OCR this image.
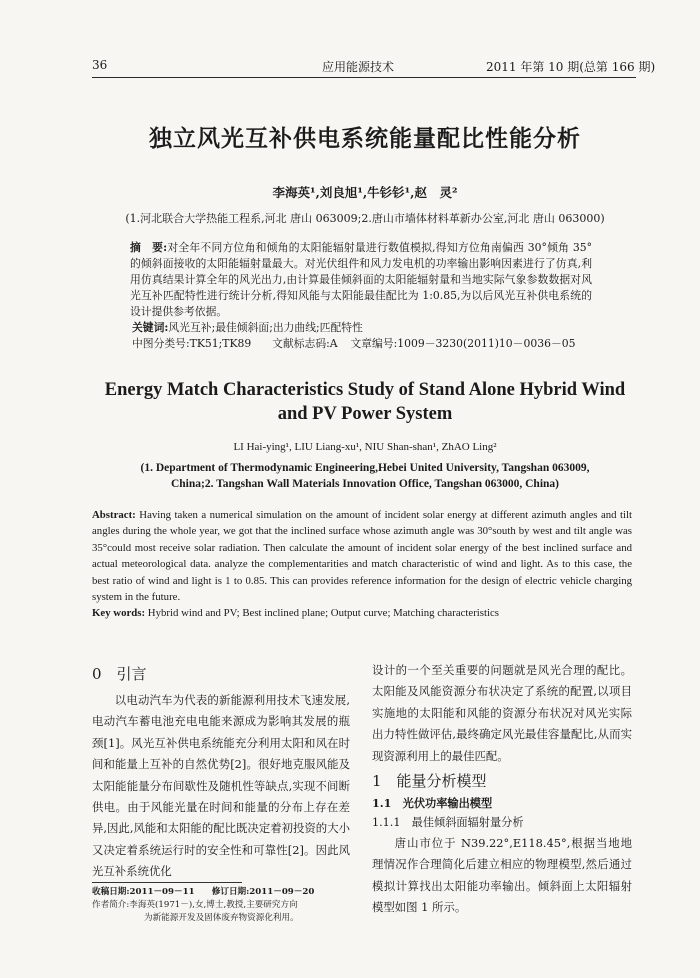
36	应用能源技术	2011 年第 10 期(总第 166 期)
独立风光互补供电系统能量配比性能分析
李海英¹,刘良旭¹,牛钐钐¹,赵　灵²
(1.河北联合大学热能工程系,河北 唐山 063009;2.唐山市墙体材料革新办公室,河北 唐山 063000)

摘　要:对全年不同方位角和倾角的太阳能辐射量进行数值模拟,得知方位角南偏西 30°倾角 35°的倾斜面接收的太阳能辐射量最大。对光伏组件和风力发电机的功率输出影响因素进行了仿真,利用仿真结果计算全年的风光出力,由计算最佳倾斜面的太阳能辐射量和当地实际气象参数数据对风光互补匹配特性进行统计分析,得知风能与太阳能最佳配比为 1:0.85,为以后风光互补供电系统的设计提供参考依据。

关键词:风光互补;最佳倾斜面;出力曲线;匹配特性

中图分类号:TK51;TK89 文献标志码:A 文章编号:1009－3230(2011)10－0036－05

Energy Match Characteristics Study of Stand Alone Hybrid Wind
and PV Power System
LI Hai-ying¹, LIU Liang-xu¹, NIU Shan-shan¹, ZhAO Ling²
(1. Department of Thermodynamic Engineering,Hebei United University, Tangshan 063009,
China;2. Tangshan Wall Materials Innovation Office, Tangshan 063000, China)

Abstract: Having taken a numerical simulation on the amount of incident solar energy at different azimuth angles and tilt angles during the whole year, we got that the inclined surface whose azimuth angle was 30°south by west and tilt angle was 35°could most receive solar radiation. Then calculate the amount of incident solar energy of the best inclined surface and actual meteorological data. analyze the complementarities and match characteristic of wind and light. As to this case, the best ratio of wind and light is 1 to 0.85. This can provides reference information for the design of electric vehicle charging system in the future.

Key words: Hybrid wind and PV; Best inclined plane; Output curve; Matching characteristics

0　引言

以电动汽车为代表的新能源利用技术飞速发展,电动汽车蓄电池充电电能来源成为影响其发展的瓶颈[1]。风光互补供电系统能充分利用太阳和风在时间和能量上互补的自然优势[2]。很好地克服风能及太阳能能量分布间歇性及随机性等缺点,实现不间断供电。由于风能光量在时间和能量的分布上存在差异,因此,风能和太阳能的配比既决定着初投资的大小又决定着系统运行时的安全性和可靠性[2]。因此风光互补系统优化

设计的一个至关重要的问题就是风光合理的配比。太阳能及风能资源分布状决定了系统的配置,以项目实施地的太阳能和风能的资源分布状况对风光实际出力特性做评估,最终确定风光最佳容量配比,从而实现资源利用上的最佳匹配。

1　能量分析模型

1.1　光伏功率输出模型

1.1.1　最佳倾斜面辐射量分析

唐山市位于 N39.22°,E118.45°,根据当地地理情况作合理简化后建立相应的物理模型,然后通过模拟计算找出太阳能功率输出。倾斜面上太阳辐射模型如图 1 所示。

收稿日期:2011－09－11　　修订日期:2011－09－20
作者简介:李海英(1971－),女,博士,教授,主要研究方向
为新能源开发及固体废弃物资源化利用。
